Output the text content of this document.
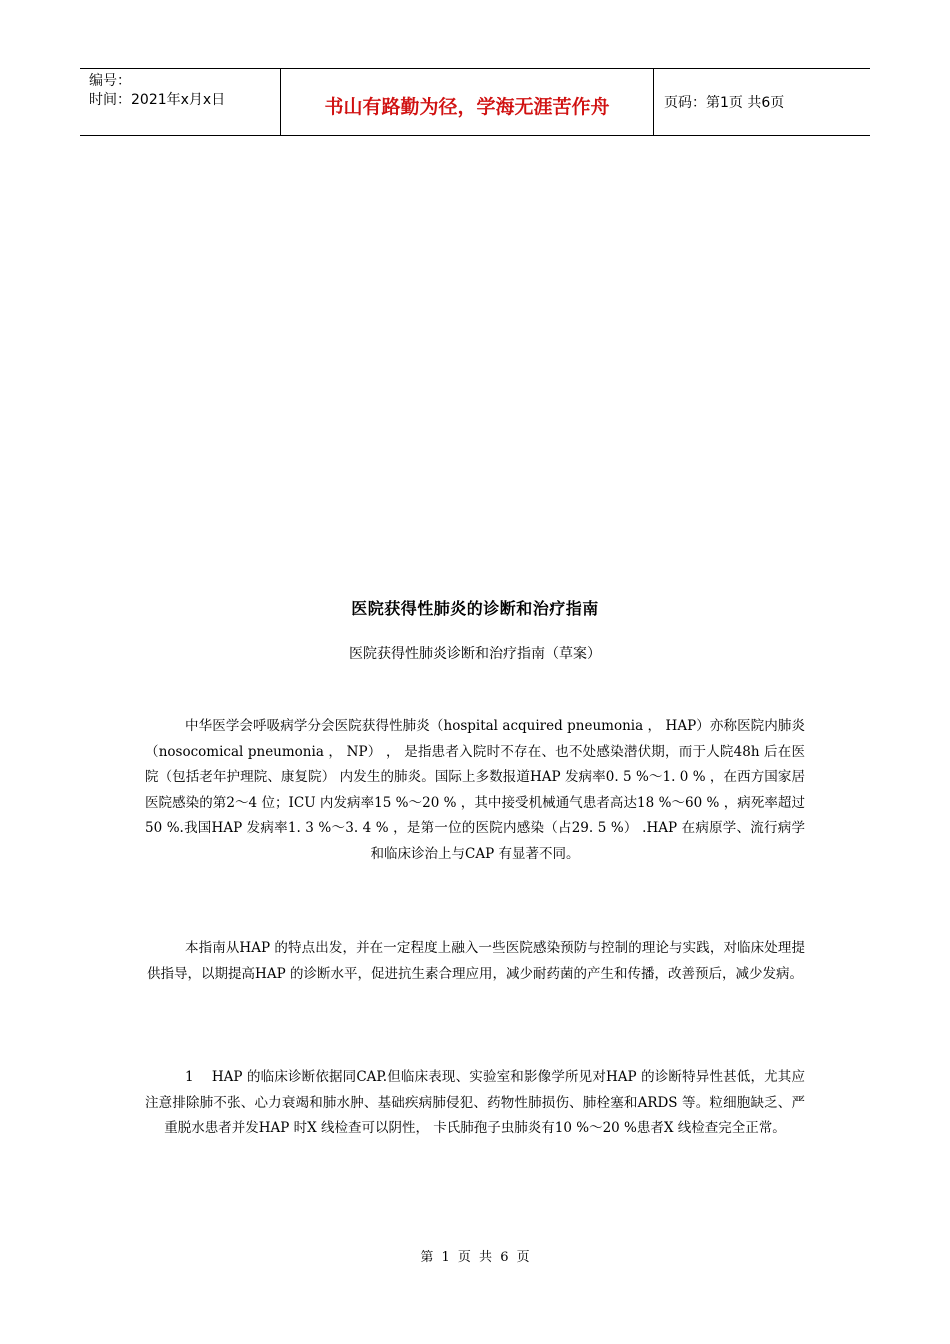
编号：
时间：2021年x月x日	书山有路勤为径，学海无涯苦作舟	页码：第1页 共6页
医院获得性肺炎的诊断和治疗指南
医院获得性肺炎诊断和治疗指南（草案）
中华医学会呼吸病学分会医院获得性肺炎（hospital acquired pneumonia ， HAP）亦称医院内肺炎（nosocomical pneumonia ， NP） ， 是指患者入院时不存在、也不处感染潜伏期，而于人院48h 后在医院（包括老年护理院、康复院） 内发生的肺炎。国际上多数报道HAP 发病率0. 5 %～1. 0 % ，在西方国家居医院感染的第2～4 位；ICU 内发病率15 %～20 % ，其中接受机械通气患者高达18 %～60 % ，病死率超过50 %.我国HAP 发病率1. 3 %～3. 4 % ，是第一位的医院内感染（占29. 5 %） .HAP 在病原学、流行病学和临床诊治上与CAP 有显著不同。
本指南从HAP 的特点出发，并在一定程度上融入一些医院感染预防与控制的理论与实践，对临床处理提供指导，以期提高HAP 的诊断水平，促进抗生素合理应用，减少耐药菌的产生和传播，改善预后，减少发病。
1　 HAP 的临床诊断依据同CAP.但临床表现、实验室和影像学所见对HAP 的诊断特异性甚低，尤其应注意排除肺不张、心力衰竭和肺水肿、基础疾病肺侵犯、药物性肺损伤、肺栓塞和ARDS 等。粒细胞缺乏、严重脱水患者并发HAP 时X 线检查可以阴性， 卡氏肺孢子虫肺炎有10 %～20 %患者X 线检查完全正常。
第 1 页 共 6 页
